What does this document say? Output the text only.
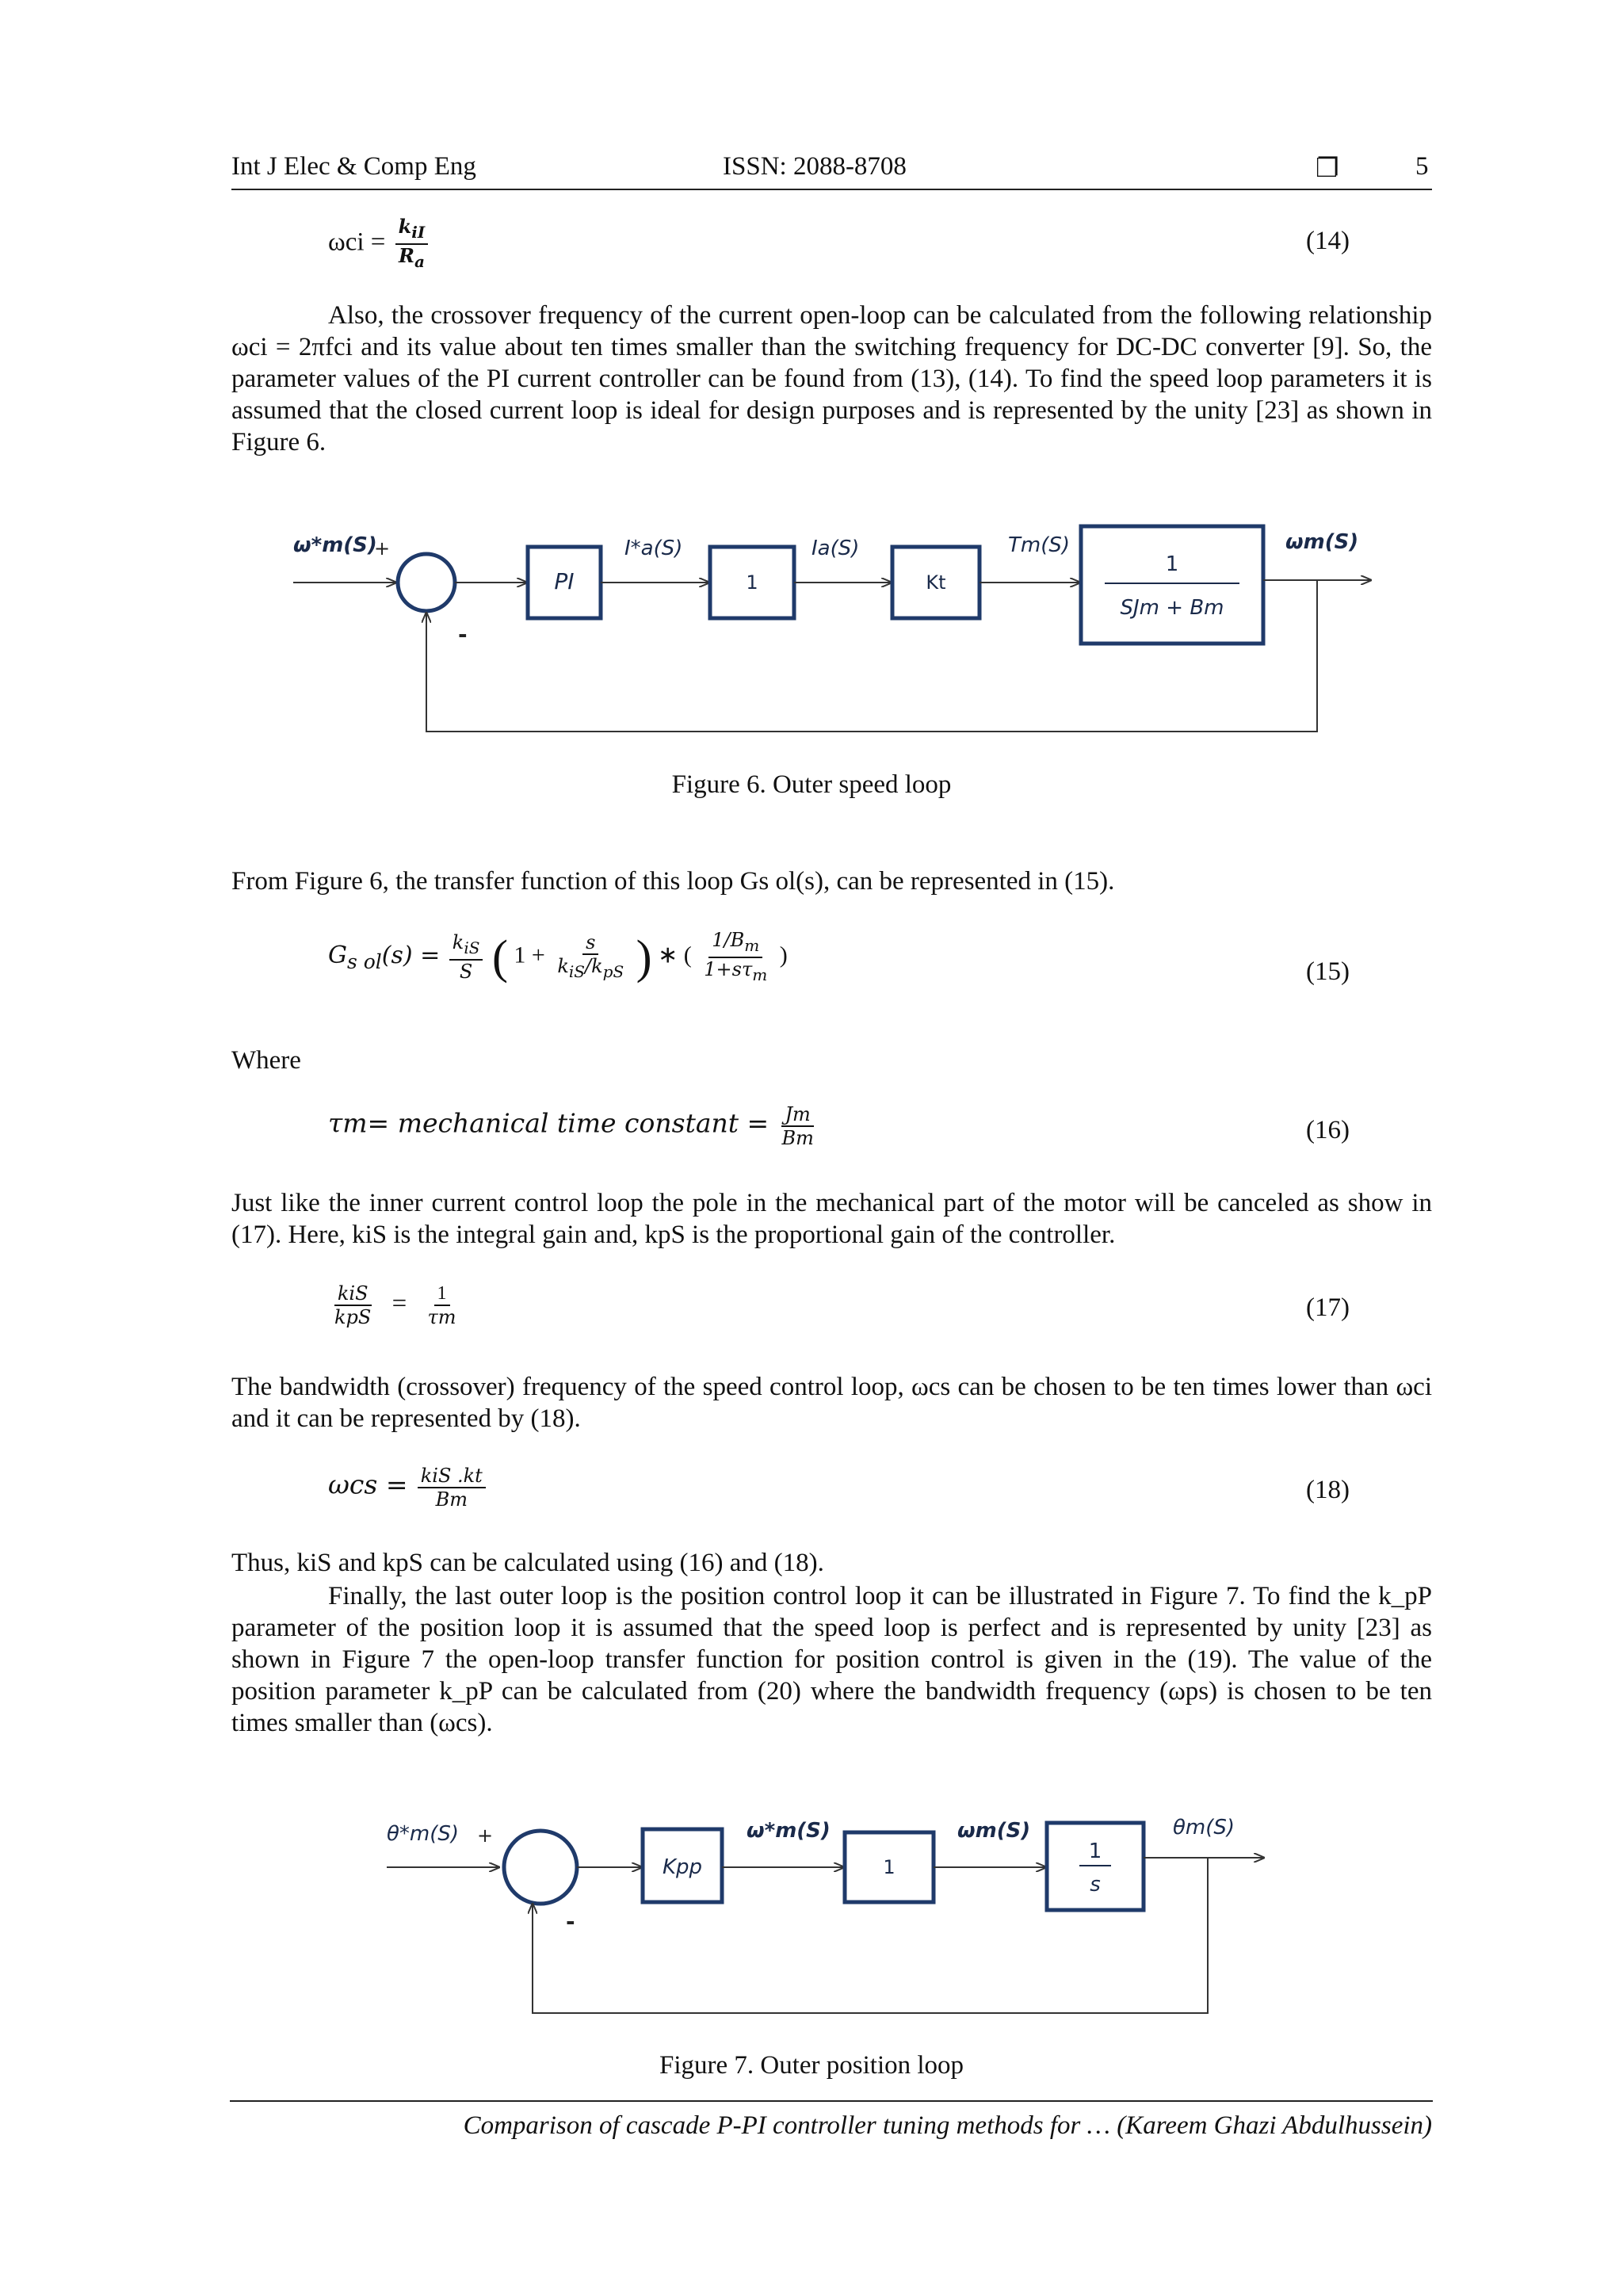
Int J Elec & Comp Eng	ISSN: 2088-8708	❐	5
$\omega ci = \frac{k_{iI}}{R_a}$	(14)

Also, the crossover frequency of the current open-loop can be calculated from the following relationship ωci = 2πfci and its value about ten times smaller than the switching frequency for DC-DC converter [9]. So, the parameter values of the PI current controller can be found from (13), (14). To find the speed loop parameters it is assumed that the closed current loop is ideal for design purposes and is represented by the unity [23] as shown in Figure 6.

ω*m(S)
+
-
PI
I*a(S)
1
Ia(S)
Kt
Tm(S)
1
SJm + Bm
ωm(S)
Figure 6. Outer speed loop

From Figure 6, the transfer function of this loop Gs ol(s), can be represented in (15).

$G_{s ol}(s) = \frac{k_{iS}}{S}$ ( $1 + \frac{s}{k_{iS}/k_{pS}}$ ) ∗ ( $\frac{1/B_m}{1+s\tau_m}$ )
(15)
Where
τm= mechanical time constant = $\frac{Jm}{Bm}$	(16)

Just like the inner current control loop the pole in the mechanical part of the motor will be canceled as show in (17). Here, kiS is the integral gain and, kpS is the proportional gain of the controller.

$\frac{\text{kiS}}{\text{kpS}} = \frac{1}{\tau m}$	(17)

The bandwidth (crossover) frequency of the speed control loop, ωcs can be chosen to be ten times lower than ωci and it can be represented by (18).

$\omega cs = \frac{\text{kiS .kt}}{Bm}$	(18)

Thus, kiS and kpS can be calculated using (16) and (18).

Finally, the last outer loop is the position control loop it can be illustrated in Figure 7. To find the k_pP parameter of the position loop it is assumed that the speed loop is perfect and is represented by unity [23] as shown in Figure 7 the open-loop transfer function for position control is given in the (19). The value of the position parameter k_pP can be calculated from (20) where the bandwidth frequency (ωps) is chosen to be ten times smaller than (ωcs).

θ*m(S) +
-
Kpp
ω*m(S)
1
ωm(S)
1
s
θm(S)
Figure 7. Outer position loop
Comparison of cascade P-PI controller tuning methods for … (Kareem Ghazi Abdulhussein)
